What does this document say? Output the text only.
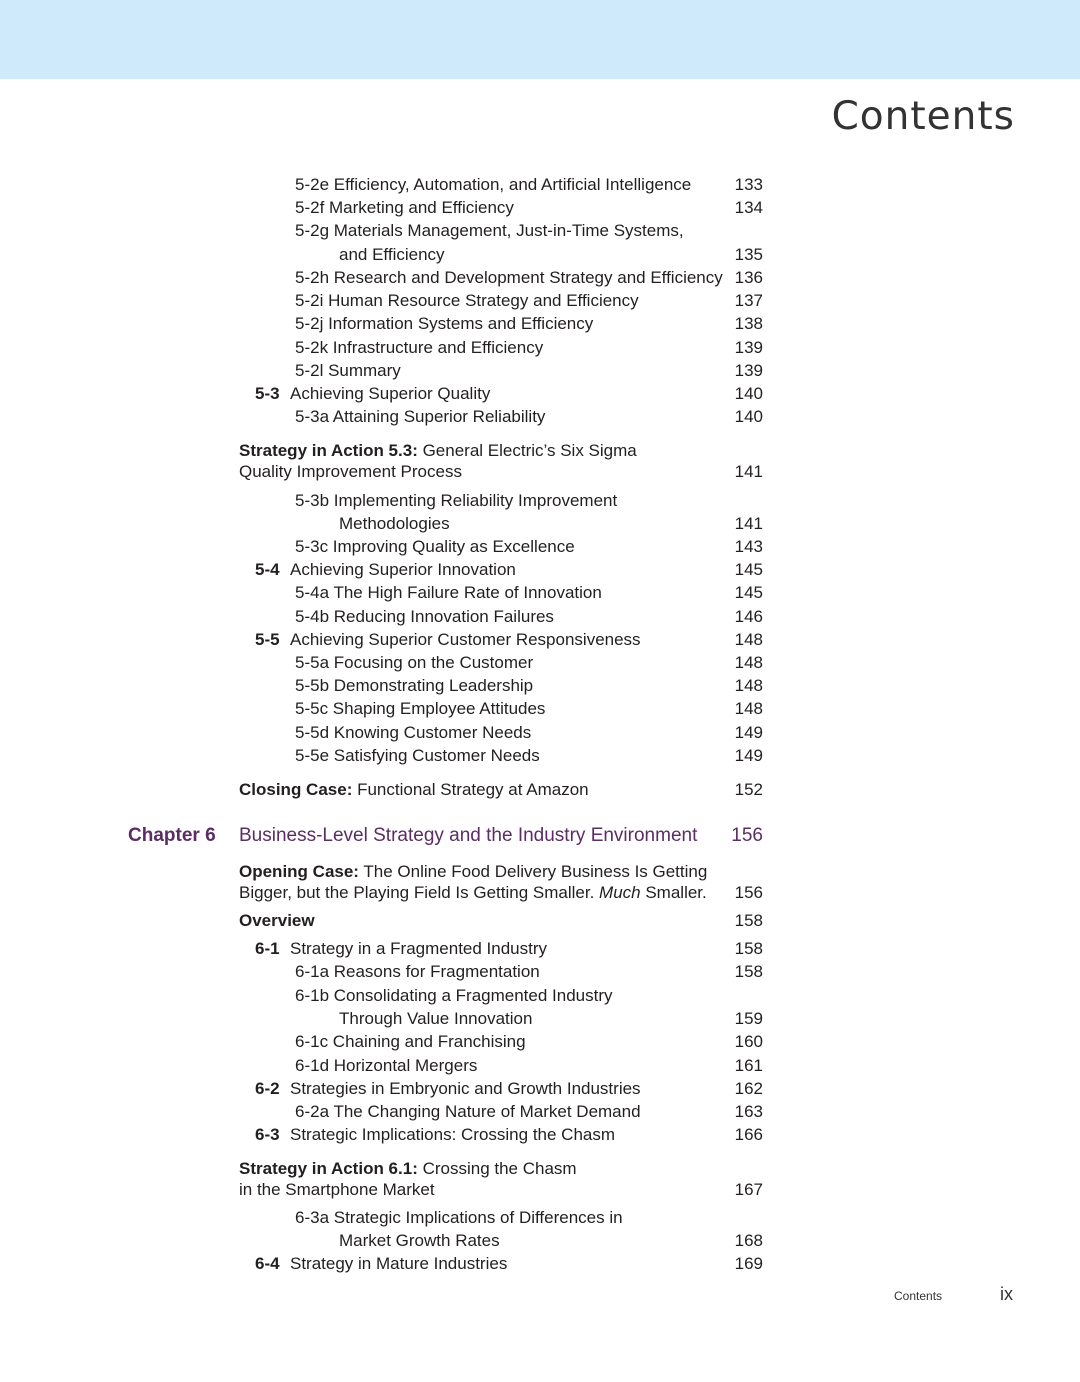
Contents
5-2e Efficiency, Automation, and Artificial Intelligence	133
5-2f Marketing and Efficiency	134
5-2g Materials Management, Just-in-Time Systems,
and Efficiency	135
5-2h Research and Development Strategy and Efficiency 136
5-2i Human Resource Strategy and Efficiency	137
5-2j Information Systems and Efficiency	138
5-2k Infrastructure and Efficiency	139
5-2l Summary	139
5-3 Achieving Superior Quality	140
5-3a Attaining Superior Reliability	140
Strategy in Action 5.3: General Electric’s Six Sigma
Quality Improvement Process	141
5-3b Implementing Reliability Improvement
Methodologies	141
5-3c Improving Quality as Excellence	143
5-4 Achieving Superior Innovation	145
5-4a The High Failure Rate of Innovation	145
5-4b Reducing Innovation Failures	146
5-5 Achieving Superior Customer Responsiveness	148
5-5a Focusing on the Customer	148
5-5b Demonstrating Leadership	148
5-5c Shaping Employee Attitudes	148
5-5d Knowing Customer Needs	149
5-5e Satisfying Customer Needs	149
Closing Case: Functional Strategy at Amazon	152
Chapter 6 Business-Level Strategy and the Industry Environment 156
Opening Case: The Online Food Delivery Business Is Getting
Bigger, but the Playing Field Is Getting Smaller. Much Smaller. 156
Overview	158
6-1 Strategy in a Fragmented Industry	158
6-1a Reasons for Fragmentation	158
6-1b Consolidating a Fragmented Industry
Through Value Innovation	159
6-1c Chaining and Franchising	160
6-1d Horizontal Mergers	161
6-2 Strategies in Embryonic and Growth Industries	162
6-2a The Changing Nature of Market Demand	163
6-3 Strategic Implications: Crossing the Chasm	166
Strategy in Action 6.1: Crossing the Chasm
in the Smartphone Market	167
6-3a Strategic Implications of Differences in
Market Growth Rates	168
6-4 Strategy in Mature Industries	169
Contents	ix
